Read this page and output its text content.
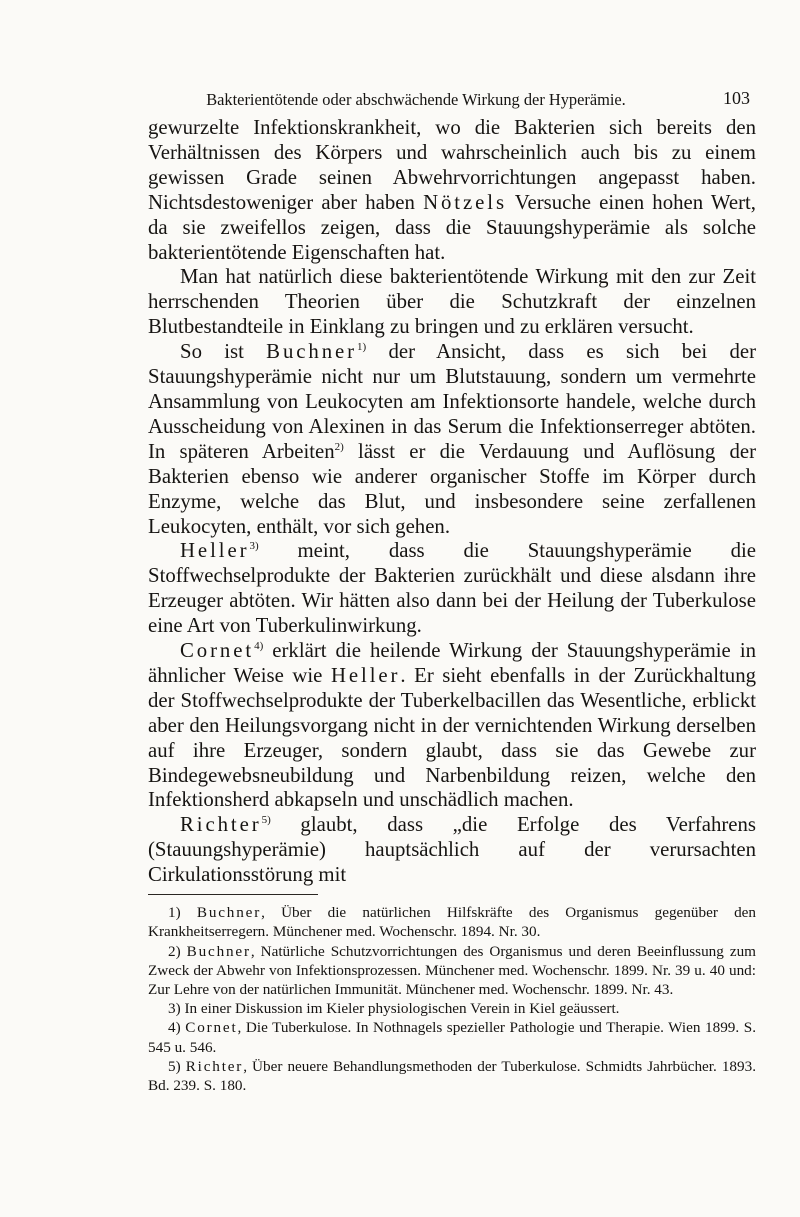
Bakterientötende oder abschwächende Wirkung der Hyperämie.	103

gewurzelte Infektionskrankheit, wo die Bakterien sich bereits den Verhältnissen des Körpers und wahrscheinlich auch bis zu einem gewissen Grade seinen Abwehrvorrichtungen angepasst haben. Nichtsdestoweniger aber haben Nötzels Versuche einen hohen Wert, da sie zweifellos zeigen, dass die Stauungshyperämie als solche bakterientötende Eigenschaften hat.

Man hat natürlich diese bakterientötende Wirkung mit den zur Zeit herrschenden Theorien über die Schutzkraft der einzelnen Blutbestandteile in Einklang zu bringen und zu erklären versucht.

So ist Buchner$^{1)}$ der Ansicht, dass es sich bei der Stauungshyperämie nicht nur um Blutstauung, sondern um vermehrte Ansammlung von Leukocyten am Infektionsorte handele, welche durch Ausscheidung von Alexinen in das Serum die Infektionserreger abtöten. In späteren Arbeiten$^{2)}$ lässt er die Verdauung und Auflösung der Bakterien ebenso wie anderer organischer Stoffe im Körper durch Enzyme, welche das Blut, und insbesondere seine zerfallenen Leukocyten, enthält, vor sich gehen.

Heller$^{3)}$ meint, dass die Stauungshyperämie die Stoffwechselprodukte der Bakterien zurückhält und diese alsdann ihre Erzeuger abtöten. Wir hätten also dann bei der Heilung der Tuberkulose eine Art von Tuberkulinwirkung.

Cornet$^{4)}$ erklärt die heilende Wirkung der Stauungshyperämie in ähnlicher Weise wie Heller. Er sieht ebenfalls in der Zurückhaltung der Stoffwechselprodukte der Tuberkelbacillen das Wesentliche, erblickt aber den Heilungsvorgang nicht in der vernichtenden Wirkung derselben auf ihre Erzeuger, sondern glaubt, dass sie das Gewebe zur Bindegewebsneubildung und Narbenbildung reizen, welche den Infektionsherd abkapseln und unschädlich machen.

Richter$^{5)}$ glaubt, dass „die Erfolge des Verfahrens (Stauungshyperämie) hauptsächlich auf der verursachten Cirkulationsstörung mit

1) Buchner, Über die natürlichen Hilfskräfte des Organismus gegenüber den Krankheitserregern. Münchener med. Wochenschr. 1894. Nr. 30.

2) Buchner, Natürliche Schutzvorrichtungen des Organismus und deren Beeinflussung zum Zweck der Abwehr von Infektionsprozessen. Münchener med. Wochenschr. 1899. Nr. 39 u. 40 und: Zur Lehre von der natürlichen Immunität. Münchener med. Wochenschr. 1899. Nr. 43.

3) In einer Diskussion im Kieler physiologischen Verein in Kiel geäussert.

4) Cornet, Die Tuberkulose. In Nothnagels spezieller Pathologie und Therapie. Wien 1899. S. 545 u. 546.

5) Richter, Über neuere Behandlungsmethoden der Tuberkulose. Schmidts Jahrbücher. 1893. Bd. 239. S. 180.
